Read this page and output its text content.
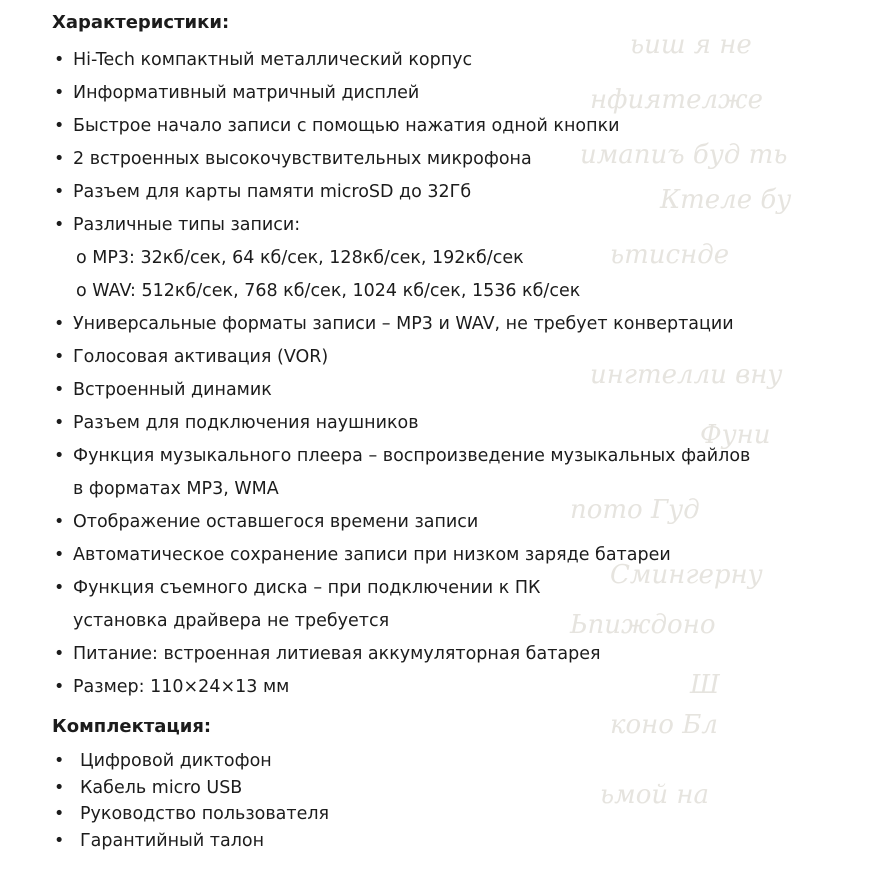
ьиш я не
нфиятелже
имапиъ буд ть
Ктеле бу
ьтиснде
ингтелли вну
Фуни
пото Гуд
Смингерну
Ьпиждоно
Ш
коно Бл
ьмой на
Характеристики:
• Hi-Tech компактный металлический корпус
• Информативный матричный дисплей
• Быстрое начало записи с помощью нажатия одной кнопки
• 2 встроенных высокочувствительных микрофона
• Разъем для карты памяти microSD до 32Гб
• Различные типы записи:
о MP3: 32кб/сек, 64 кб/сек, 128кб/сек, 192кб/сек
о WAV: 512кб/сек, 768 кб/сек, 1024 кб/сек, 1536 кб/сек
• Универсальные форматы записи – MP3 и WAV, не требует конвертации
• Голосовая активация (VOR)
• Встроенный динамик
• Разъем для подключения наушников
• Функция музыкального плеера – воспроизведение музыкальных файлов
в форматах MP3, WMA
• Отображение оставшегося времени записи
• Автоматическое сохранение записи при низком заряде батареи
• Функция съемного диска – при подключении к ПК
установка драйвера не требуется
• Питание: встроенная литиевая аккумуляторная батарея
• Размер: 110×24×13 мм
Комплектация:
• Цифровой диктофон
• Кабель micro USB
• Руководство пользователя
• Гарантийный талон
